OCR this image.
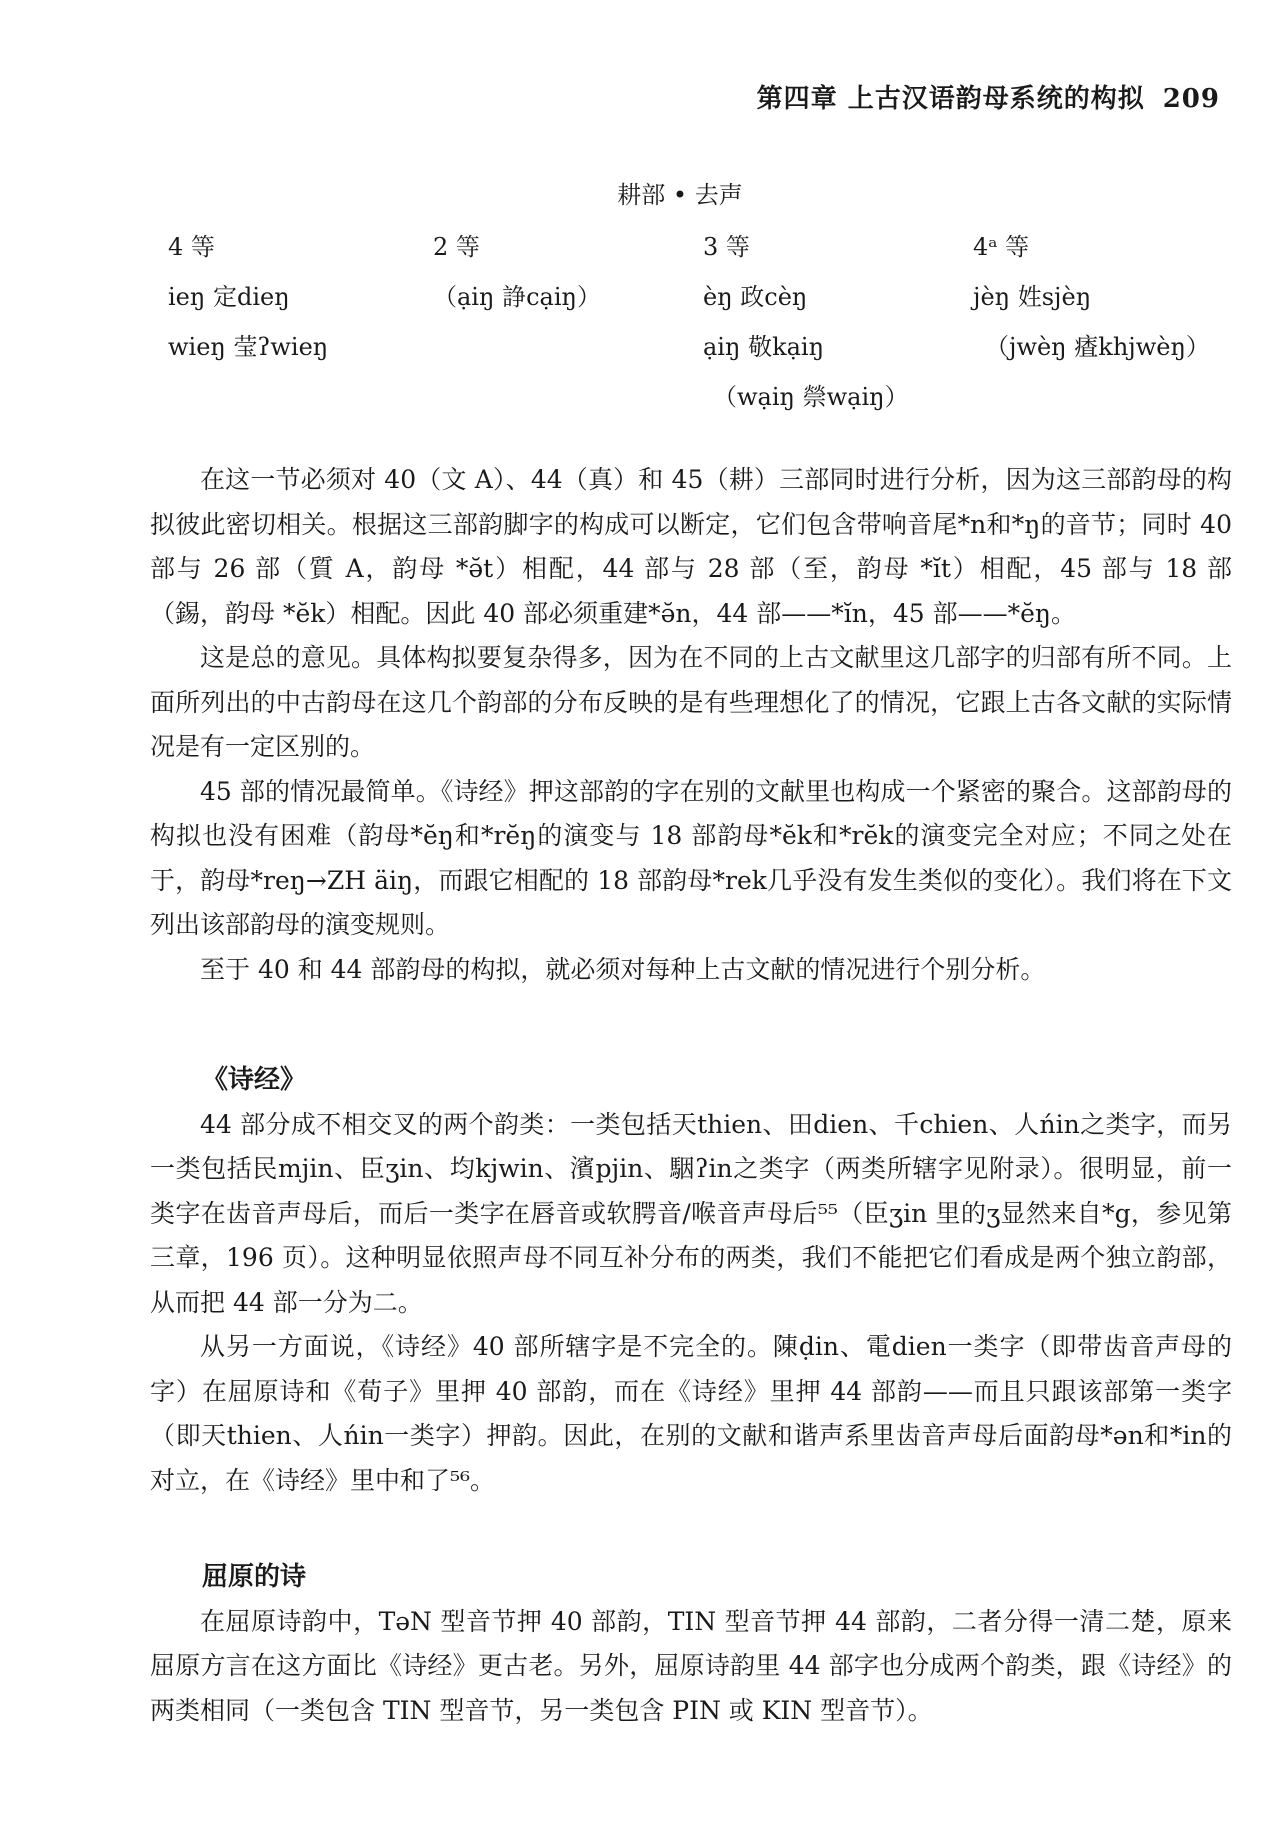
第四章 上古汉语韵母系统的构拟 209
耕部 • 去声
4 等
ieŋ 定dieŋ
wieŋ 莹ʔwieŋ
2 等
（ạiŋ 諍cạiŋ）
3 等
èŋ 政cèŋ
ạiŋ 敬kạiŋ
（wạiŋ 禜wạiŋ）
4ᵃ 等
jèŋ 姓sjèŋ
（jwèŋ 㾴khjwèŋ）

在这一节必须对 40（文 A）、44（真）和 45（耕）三部同时进行分析，因为这三部韵母的构拟彼此密切相关。根据这三部韵脚字的构成可以断定，它们包含带响音尾*n和*ŋ的音节；同时 40 部与 26 部（質 A，韵母 *ə̆t）相配，44 部与 28 部（至，韵母 *ĭt）相配，45 部与 18 部（錫，韵母 *ĕk）相配。因此 40 部必须重建*ə̆n，44 部——*ĭn，45 部——*ĕŋ。

这是总的意见。具体构拟要复杂得多，因为在不同的上古文献里这几部字的归部有所不同。上面所列出的中古韵母在这几个韵部的分布反映的是有些理想化了的情况，它跟上古各文献的实际情况是有一定区别的。

45 部的情况最简单。《诗经》押这部韵的字在别的文献里也构成一个紧密的聚合。这部韵母的构拟也没有困难（韵母*ĕŋ和*rĕŋ的演变与 18 部韵母*ĕk和*rĕk的演变完全对应；不同之处在于，韵母*reŋ→ZH äiŋ，而跟它相配的 18 部韵母*rek几乎没有发生类似的变化）。我们将在下文列出该部韵母的演变规则。

至于 40 和 44 部韵母的构拟，就必须对每种上古文献的情况进行个别分析。

《诗经》

44 部分成不相交叉的两个韵类：一类包括天thien、田dien、千chien、人ńin之类字，而另一类包括民mjin、臣ʒin、均kjwin、濱pjin、駰ʔin之类字（两类所辖字见附录）。很明显，前一类字在齿音声母后，而后一类字在唇音或软腭音/喉音声母后⁵⁵（臣ʒin 里的ʒ显然来自*g，参见第三章，196 页）。这种明显依照声母不同互补分布的两类，我们不能把它们看成是两个独立韵部，从而把 44 部一分为二。

从另一方面说，《诗经》40 部所辖字是不完全的。陳ḍin、電dien一类字（即带齿音声母的字）在屈原诗和《荀子》里押 40 部韵，而在《诗经》里押 44 部韵——而且只跟该部第一类字（即天thien、人ńin一类字）押韵。因此，在别的文献和谐声系里齿音声母后面韵母*ən和*in的对立，在《诗经》里中和了⁵⁶。

屈原的诗

在屈原诗韵中，TəN 型音节押 40 部韵，TIN 型音节押 44 部韵，二者分得一清二楚，原来屈原方言在这方面比《诗经》更古老。另外，屈原诗韵里 44 部字也分成两个韵类，跟《诗经》的两类相同（一类包含 TIN 型音节，另一类包含 PIN 或 KIN 型音节）。
